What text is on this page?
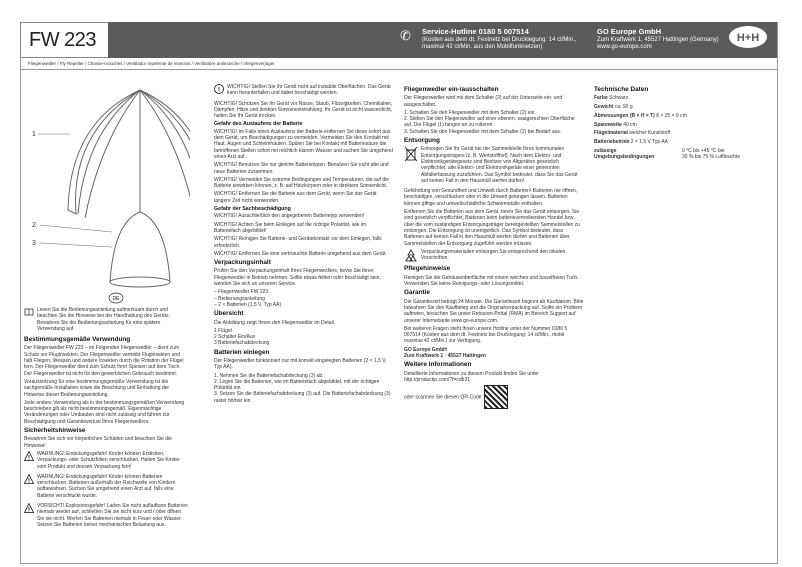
FW 223	✆ Service-Hotline 0180 5 007514
(Kosten aus dem dt. Festnetz bei Drucklegung: 14 ct/Min.,
maximal 42 ct/Min. aus den Mobilfunknetzen)
GO Europe GmbH
Zum Kraftwerk 1, 45527 Hattingen (Germany)
www.go-europe.com
H+H
Fliegenwedler / Fly Repeller / Chasse-mouches / Ventilador repelente de insectos / Ventilatore antimosche / Vliegenverjager
1
2
3
DE

Lesen Sie die Bedienungsanleitung aufmerksam durch und beachten Sie die Hinweise bei der Handhabung des Geräts. Bewahren Sie die Bedienungsanleitung für eine spätere Verwendung auf.

Bestimmungsgemäße Verwendung

Der Fliegenwedler FW 223 – im Folgenden Fliegenwedler – dient zum Schutz vor Flugínsekten. Der Fliegenwedler vertreibt Fluginsekten und hält Fliegen, Wespen und andere Insekten durch die Rotation der Flügel fern. Der Fliegenwedler dient zum Schutz Ihrer Speisen auf dem Tisch. Der Fliegenwedler ist nicht für den gewerblichen Gebrauch bestimmt.

Voraussetzung für eine bestimmungsgemäße Verwendung ist die sachgemäße Installation sowie die Beachtung und Einhaltung der Hinweise dieser Bedienungsanleitung.

Jede andere Verwendung als in der bestimmungsgemäßen Verwendung beschrieben gilt als nicht bestimmungsgemäß. Eigenmächtige Veränderungen oder Umbauten sind nicht zulässig und führen zur Beschädigung und Garantieverlust Ihres Fliegenwedlers.

Sicherheitshinweise

Bewahren Sie sich vor körperlichen Schäden und beachten Sie die Hinweise!

!

WARNUNG! Erstickungsgefahr! Kinder können Ersticken, Verpackungs- oder Schutzfolien verschlucken. Halten Sie Kinder vom Produkt und dessen Verpackung fern!

!

WARNUNG! Erstickungsgefahr! Kinder können Batterien verschlucken. Batterien außerhalb der Reichweite von Kindern aufbewahren. Suchen Sie umgehend einen Arzt auf, falls eine Batterie verschluckt wurde.

!

VORSICHT! Explosionsgefahr! Laden Sie nicht aufladbare Batterien niemals wieder auf, schließen Sie sie nicht kurz und / oder öffnen Sie sie nicht. Werfen Sie Batterien niemals in Feuer oder Wasser. Setzen Sie Batterien keiner mechanischen Belastung aus.

!

WICHTIG! Stellen Sie Ihr Gerät nicht auf instabile Oberflächen. Das Gerät kann herunterfallen und dabei beschädigt werden.

WICHTIG! Schützen Sie Ihr Gerät vor Nässe, Staub, Flüssigkeiten, Chemikalien, Dämpfen, Hitze und direkter Sonneneinstrahlung. Ihr Gerät ist nicht wasserdicht, halten Sie Ihr Gerät trocken.

Gefahr des Auslaufens der Batterie

WICHTIG! Im Falle eines Auslaufens der Batterie entfernen Sie diese sofort aus dem Gerät, um Beschädigungen zu vermeiden. Vermeiden Sie den Kontakt mit Haut, Augen und Schleimhäuten. Spülen Sie bei Kontakt mit Batteriesäure die betroffenen Stellen sofort mit reichlich klarem Wasser und suchen Sie umgehend einen Arzt auf.

WICHTIG! Benutzen Sie nur gleiche Batterietypen. Benutzen Sie nicht alte und neue Batterien zusammen.

WICHTIG! Vermeiden Sie extreme Bedingungen und Temperaturen, die auf die Batterie einwirken können, z. B. auf Heizkörpern oder in direktem Sonnenlicht.

WICHTIG! Entfernen Sie die Batterie aus dem Gerät, wenn Sie das Gerät längere Zeit nicht verwenden.

Gefahr der Sachbeschädigung

WICHTIG! Ausschließlich den angegebenen Batterietyp verwenden!

WICHTIG! Achten Sie beim Einlegen auf die richtige Polarität, wie im Batteriefach abgebildet!

WICHTIG! Reinigen Sie Batterie- und Gerätekontakt vor dem Einlegen, falls erforderlich.

WICHTIG! Entfernen Sie eine verbrauchte Batterie umgehend aus dem Gerät.

Verpackungsinhalt

Prüfen Sie den Verpackungsinhalt Ihres Fliegenwedlers, bevor Sie Ihren Fliegenwedler in Betrieb nehmen. Sollte etwas fehlen oder beschädigt sein, wenden Sie sich an unseren Service.

– Fliegenwedler FW 223

– Bedienungsanleitung

– 2 × Batterien (1,5 V, Typ AA)

Übersicht

Die Abbildung zeigt Ihnen den Fliegenwedler im Detail.

1 Flügel

2 Schalter Ein/Aus

3 Batteriefachabdeckung

Batterien einlegen

Der Fliegenwedler funktioniert nur mit korrekt eingelegten Batterien (2 × 1,5 V, Typ AA).

1. Nehmen Sie die Batteriefachabdeckung (3) ab.

2. Legen Sie die Batterien, wie im Batteriefach abgebildet, mit der richtigen Polarität ein.

3. Setzen Sie die Batteriefachabdeckung (3) auf. Die Batteriefachabdeckung (3) rastet hörbar ein.

Fliegenwedler ein-/ausschalten

Der Fliegenwedler wird mit dem Schalter (2) auf der Unterseite ein- und ausgeschaltet.

1. Schalten Sie den Fliegenwedler mit dem Schalter (2) ein.

2. Stellen Sie den Fliegenwedler auf einer ebenen, waagerechten Oberfläche auf. Die Flügel (1) fangen an zu rotieren.

3. Schalten Sie den Fliegenwedler mit dem Schalter (2) bei Bedarf aus.

Entsorgung

Entsorgen Sie Ihr Gerät bei der Sammelstelle Ihres kommunalen Entsorgungsträgers (z. B. Wertstoffhof). Nach dem Elektro- und Elektronikgerätegesetz sind Besitzer von Altgeräten gesetzlich verpflichtet, alte Elektro- und Elektronikgeräte einer getrennten Abfallerfassung zuzuführen. Das Symbol bedeutet, dass Sie das Gerät auf keinen Fall in den Hausmüll werfen dürfen!

Gefährdung von Gesundheit und Umwelt durch Batterien! Batterien nie öffnen, beschädigen, verschlucken oder in die Umwelt gelangen lassen. Batterien können giftige und umweltschädliche Schwermetalle enthalten.

Entfernen Sie die Batterien aus dem Gerät, bevor Sie das Gerät entsorgen. Sie sind gesetzlich verpflichtet, Batterien beim batterievertreibenden Handel bzw. über die vom zuständigen Entsorgungsträger bereitgestellten Sammelstellen zu entsorgen. Die Entsorgung ist unentgeltlich. Das Symbol bedeutet, dass Batterien auf keinen Fall in den Hausmüll werfen dürfen und Batterien über Sammelstellen der Entsorgung zugeführt werden müssen.

Verpackungsmaterialien entsorgen Sie entsprechend den lokalen Vorschriften.

Pflegehinweise

Reinigen Sie die Gehäuseoberfläche mit einem weichen und fusselfreien Tuch. Verwenden Sie keine Reinigungs- oder Lösungsmittel.

Garantie

Die Garantiezeit beträgt 24 Monate. Die Garantiezeit beginnt ab Kaufdatum. Bitte bewahren Sie den Kaufbeleg und die Originalverpackung auf. Sollte ein Problem auftreten, besuchen Sie unser Retouren-Portal (RMA) im Bereich Support auf unserer Internetseite www.go-europe.com.

Bei weiteren Fragen steht Ihnen unsere Hotline unter der Nummer 0180 5 007514 (Kosten aus dem dt. Festnetz bei Drucklegung: 14 ct/Min., mobil maximal 42 ct/Min.) zur Verfügung.

GO Europe GmbH

Zum Kraftwerk 1 · 45527 Hattingen

Weitere Informationen

Detaillierte Informationen zu diesem Produkt finden Sie unter http://productip.com/?f=cdb31

oder scannen Sie diesen QR-Code:

Technische Daten

Farbe Schwarz

Gewicht ca. 90 g

Abmessungen (B × H × T) 8 × 25 × 8 cm

Spannweite 40 cm

Flügelmaterial weicher Kunststoff

Batteriebetrieb 2 × 1,5 V Typ AA

zulässige
Umgebungsbedingungen
0 °C bis +45 °C bei
30 % bis 75 % Luftfeuchte
